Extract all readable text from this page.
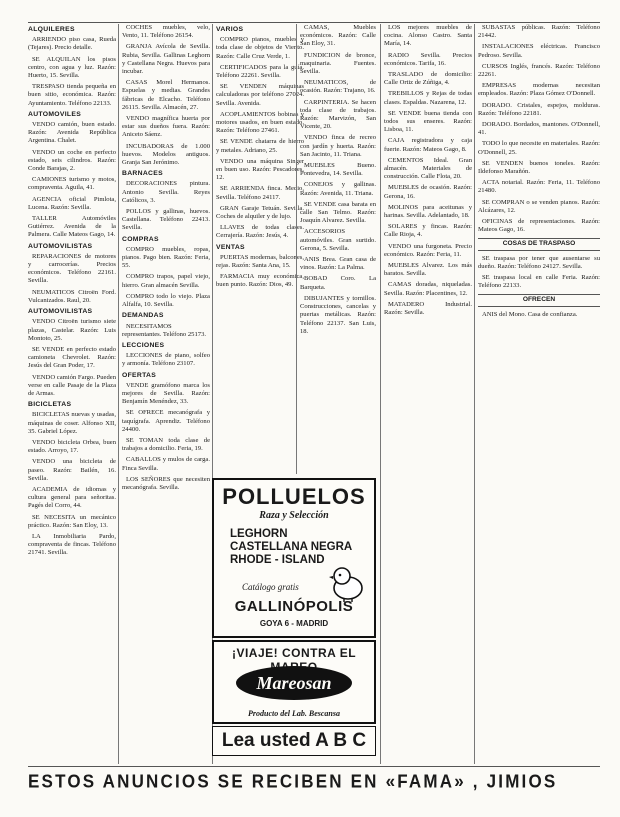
ALQUILERES

ARRIENDO piso casa, Rueda (Tejares). Precio detalle.

SE ALQUILAN los pisos centro, con agua y luz. Razón: Huerto, 15. Sevilla.

TRESPASO tienda pequeña en buen sitio, económica. Razón: Ayuntamiento. Teléfono 22133.

AUTOMOVILES

VENDO camión, buen estado. Razón: Avenida República Argentina. Chalet.

VENDO un coche en perfecto estado, seis cilindros. Razón: Conde Barajas, 2.

CAMIONES turismo y motos, compraventa. Aguila, 41.

AGENCIA oficial Pimlota, Lucena. Razón: Sevilla.

TALLER Automóviles Gutiérrez. Avenida de la Palmera. Calle Mateos Gago, 14.

AUTOMOVILISTAS

REPARACIONES de motores y carrocerías. Precios económicos. Teléfono 22161. Sevilla.

NEUMATICOS Citroën Ford. Vulcanizados. Raul, 20.

AUTOMOVILISTAS

VENDO Citroën turismo siete plazas, Castelar. Razón: Luis Montoto, 25.

SE VENDE en perfecto estado camioneta Chevrolet. Razón: Jesús del Gran Poder, 17.

VENDO camión Fargo. Pueden verse en calle Pasaje de la Plaza de Armas.

BICICLETAS

BICICLETAS nuevas y usadas, máquinas de coser. Alfonso XII, 35. Gabriel López.

VENDO bicicleta Orbea, buen estado. Arroyo, 17.

VENDO una bicicleta de paseo. Razón: Bailén, 16. Sevilla.

ACADEMIA de idiomas y cultura general para señoritas. Pagés del Corro, 44.

SE NECESITA un mecánico práctico. Razón: San Eloy, 13.

LA Inmobiliaria Pardo, compraventa de fincas. Teléfono 21741. Sevilla.

COCHES muebles, velo, Vento, 11. Teléfono 26154.

GRANJA Avícola de Sevilla. Rubia, Sevilla. Gallinas Leghorn y Castellana Negra. Huevos para incubar.

CASAS Morel Hermanos. Espuelas y medias. Grandes fábricas de Elcacho. Teléfono 26115. Sevilla. Almacén, 27.

VENDO magnífica huerta por estar sus dueños fuera. Razón: Aniceto Sáenz.

INCUBADORAS de 1.000 huevos. Modelos antiguos. Granja San Jerónimo.

BARNACES

DECORACIONES pintura. Antonio Sevilla. Reyes Católicos, 3.

POLLOS y gallinas, huevos. Castellana. Teléfono 22413. Sevilla.

COMPRAS

COMPRO muebles, ropas, pianos. Pago bien. Razón: Feria, 55.

COMPRO trapos, papel viejo, hierro. Gran almacén Sevilla.

COMPRO todo lo viejo. Plaza Alfalfa, 10. Sevilla.

DEMANDAS

NECESITAMOS representantes. Teléfono 25173.

LECCIONES

LECCIONES de piano, solfeo y armonía. Teléfono 23107.

OFERTAS

VENDE gramófono marca los mejores de Sevilla. Razón: Benjamín Menéndez, 33.

SE OFRECE mecanógrafa y taquígrafa. Aprendiz. Teléfono 24400.

SE TOMAN toda clase de trabajos a domicilio. Feria, 19.

CABALLOS y mulos de carga. Finca Sevilla.

LOS SEÑORES que necesiten mecanógrafa. Sevilla.

VARIOS

COMPRO pianos, muebles y toda clase de objetos de Viento. Razón: Calle Cruz Verde, 1.

CERTIFICADOS para la guía. Teléfono 22261. Sevilla.

SE VENDEN máquinas calculadoras por teléfono 27024. Sevilla. Avenida.

ACOPLAMIENTOS bobinas y motores usados, en buen estado. Razón: Teléfono 27461.

SE VENDE chatarra de hierro y metales. Adriano, 25.

VENDO una máquina Singer en buen uso. Razón: Pescadores, 12.

SE ARRIENDA finca. Medio, Sevilla. Teléfono 24117.

GRAN Garaje Tetuán. Sevilla. Coches de alquiler y de lujo.

LLAVES de todas clases. Cerrajería. Razón: Jesús, 4.

VENTAS

PUERTAS modernas, balcones, rejas. Razón: Santa Ana, 15.

FARMACIA muy económica, buen punto. Razón: Dios, 49.

CAMAS, Muebles económicos. Razón: Calle San Eloy, 31.

FUNDICION de bronce, maquinaria. Fuentes. Sevilla.

NEUMATICOS, de ocasión. Razón: Trajano, 16.

CARPINTERIA. Se hacen toda clase de trabajos. Razón: Marvizón, San Vicente, 20.

VENDO finca de recreo con jardín y huerta. Razón: San Jacinto, 11. Triana.

MUEBLES Bueno. Pontevedra, 14. Sevilla.

CONEJOS y gallinas. Razón: Avenida, 11. Triana.

SE VENDE casa barata en calle San Telmo. Razón: Joaquín Alvarez. Sevilla.

ACCESORIOS automóviles. Gran surtido. Gerona, 5. Sevilla.

ANIS Brea. Gran casa de vinos. Razón: La Palma.

BOBAD Coro. La Barqueta.

DIBUJANTES y tornillos. Construcciones, cancelas y puertas metálicas. Razón: Teléfono 22137. San Luis, 18.

LOS mejores muebles de cocina. Alonso Castro. Santa María, 14.

RADIO Sevilla. Precios económicos. Tarifa, 16.

TRASLADO de domicilio: Calle Ortiz de Zúñiga, 4.

TREBILLOS y Rejas de todas clases. Espaldas. Nazarena, 12.

SE VENDE buena tienda con todos sus enseres. Razón: Lisboa, 11.

CAJA registradora y caja fuerte. Razón: Mateos Gago, 8.

CEMENTOS Ideal. Gran almacén. Materiales de construcción. Calle Flota, 20.

MUEBLES de ocasión. Razón: Gerona, 16.

MOLINOS para aceitunas y harinas. Sevilla. Adelantado, 18.

SOLARES y fincas. Razón: Calle Rioja, 4.

VENDO una furgoneta. Precio económico. Razón: Feria, 11.

MUEBLES Alvarez. Los más baratos. Sevilla.

CAMAS doradas, niqueladas. Sevilla. Razón: Placentines, 12.

MATADERO Industrial. Razón: Sevilla.

SUBASTAS públicas. Razón: Teléfono 21442.

INSTALACIONES eléctricas. Francisco Pedroso. Sevilla.

CURSOS Inglés, francés. Razón: Teléfono 22261.

EMPRESAS modernas necesitan empleados. Razón: Plaza Gómez O'Donnell.

DORADO. Cristales, espejos, molduras. Razón: Teléfono 22181.

DORADO. Bordados, mantones. O'Donnell, 41.

TODO lo que necesite en materiales. Razón: O'Donnell, 25.

SE VENDEN buenos toneles. Razón: Ildefonso Marañón.

ACTA notarial. Razón: Feria, 11. Teléfono 21480.

SE COMPRAN o se venden pianos. Razón: Alcázares, 12.

OFICINAS de representaciones. Razón: Mateos Gago, 16.

COSAS DE TRASPASO

SE traspasa por tener que ausentarse su dueño. Razón: Teléfono 24127. Sevilla.

SE traspasa local en calle Feria. Razón: Teléfono 22133.

OFRECEN

ANIS del Mono. Casa de confianza.

POLLUELOS
Raza y Selección
LEGHORN
CASTELLANA NEGRA
RHODE - ISLAND
Catálogo gratis
GALLINÓPOLIS
GOYA 6 - MADRID
¡VIAJE! CONTRA EL
Mareosan
Producto del Lab. Bescansa
Lea usted A B C
ESTOS ANUNCIOS SE RECIBEN EN «FAMA» , JIMIOS
